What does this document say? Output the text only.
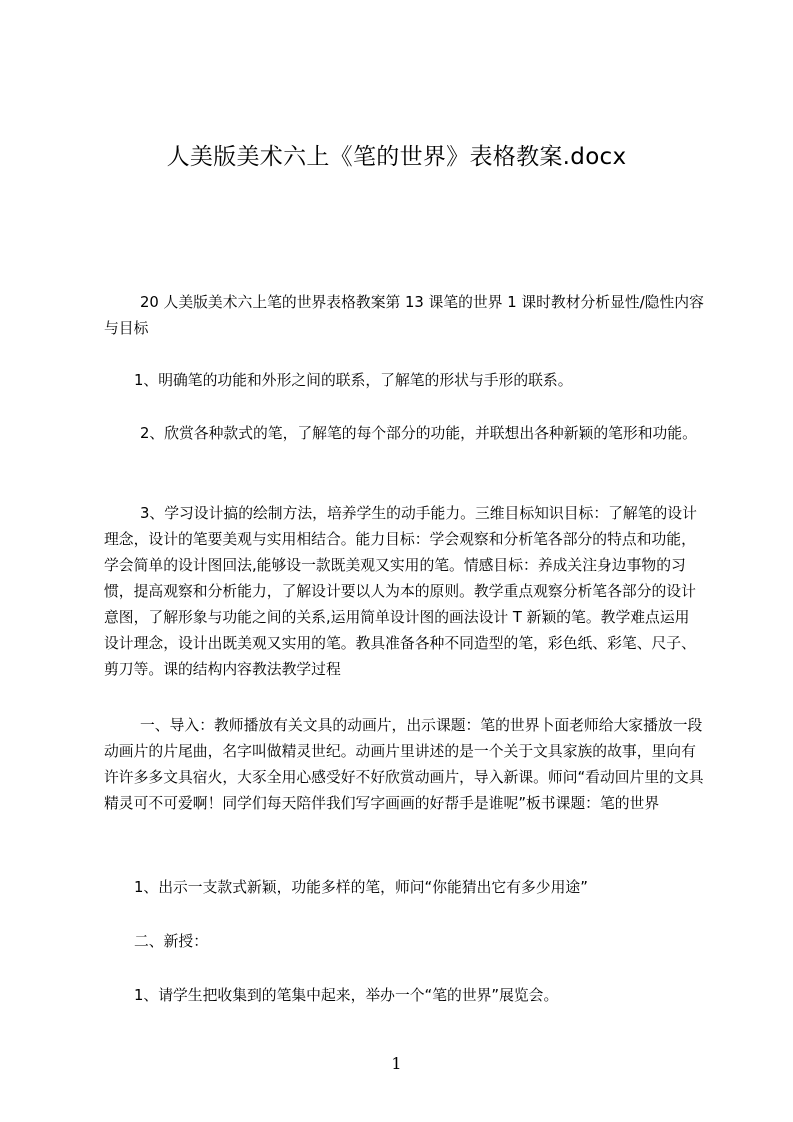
人美版美术六上《笔的世界》表格教案.docx

20 人美版美术六上笔的世界表格教案第 13 课笔的世界 1 课时教材分析显性/隐性内容与目标

1、明确笔的功能和外形之间的联系，了解笔的形状与手形的联系。

2、欣赏各种款式的笔，了解笔的每个部分的功能，并联想出各种新颖的笔形和功能。

3、学习设计搞的绘制方法，培养学生的动手能力。三维目标知识目标：了解笔的设计理念，设计的笔要美观与实用相结合。能力目标：学会观察和分析笔各部分的特点和功能，学会简单的设计图回法,能够设一款既美观又实用的笔。情感目标：养成关注身边事物的习惯，提高观察和分析能力，了解设计要以人为本的原则。教学重点观察分析笔各部分的设计意图，了解形象与功能之间的关系,运用简单设计图的画法设计 T 新颖的笔。教学难点运用设计理念，设计出既美观又实用的笔。教具准备各种不同造型的笔，彩色纸、彩笔、尺子、剪刀等。课的结构内容教法教学过程

一、导入：教师播放有关文具的动画片，出示课题：笔的世界卜面老师给大家播放一段动画片的片尾曲，名字叫做精灵世纪。动画片里讲述的是一个关于文具家族的故事，里向有许许多多文具宿火，大豕全用心感受好不好欣赏动画片，导入新课。师问“看动回片里的文具精灵可不可爱啊！同学们每天陪伴我们写字画画的好帮手是谁呢”板书课题：笔的世界

1、出示一支款式新颖，功能多样的笔，师问“你能猜出它有多少用途”

二、新授：

1、请学生把收集到的笔集中起来，举办一个“笔的世界”展览会。

1
